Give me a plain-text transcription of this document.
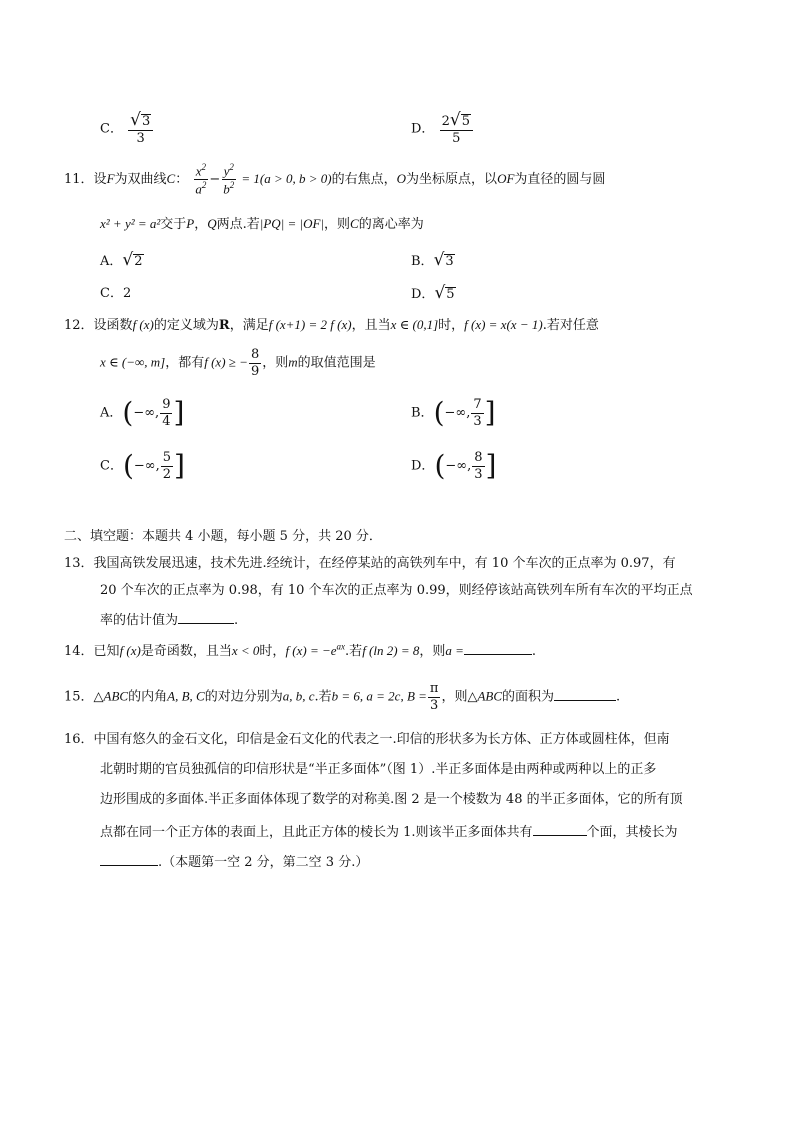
C． $\frac{√ 3}{3}$	D． $\frac{2 √ 5}{5}$
11．设F为双曲线C： $\frac{x^2}{a^2} - \frac{y^2}{b^2} = 1(a > 0$, b > 0)的右焦点，O为坐标原点，以OF为直径的圆与圆
x² + y² = a²交于P，Q两点.若|PQ| = |OF|，则C的离心率为
A． √ 2	B． √ 3
C．2	D． √ 5
12．设函数f (x)的定义域为R，满足f (x+1) = 2 f (x)，且当x ∈ (0,1]时，f (x) = x(x − 1).若对任意
x ∈ (−∞, m]，都有f (x) ≥ − $\frac{8}{9}$ ，则m的取值范围是
A．(−∞, $\frac{9}{4}$ ]	B．(−∞, $\frac{7}{3}$ ]
C．(−∞, $\frac{5}{2}$ ]	D．(−∞, $\frac{8}{3}$ ]
二、填空题：本题共 4 小题，每小题 5 分，共 20 分．
13．我国高铁发展迅速，技术先进.经统计，在经停某站的高铁列车中，有 10 个车次的正点率为 0.97，有
20 个车次的正点率为 0.98，有 10 个车次的正点率为 0.99，则经停该站高铁列车所有车次的平均正点
率的估计值为	.
14．已知f (x)是奇函数，且当x < 0时，f $(x) = -e^{ax}$.若f (ln 2) = 8，则a =	.
15．△ABC的内角A, B, C的对边分别为a, b, c.若b = 6, a = 2c, $B = \frac{\pi}{3}$ ，则△ABC的面积为	.
16．中国有悠久的金石文化，印信是金石文化的代表之一.印信的形状多为长方体、正方体或圆柱体，但南
北朝时期的官员独孤信的印信形状是“半正多面体”（图 1）.半正多面体是由两种或两种以上的正多
边形围成的多面体.半正多面体体现了数学的对称美.图 2 是一个棱数为 48 的半正多面体，它的所有顶
点都在同一个正方体的表面上，且此正方体的棱长为 1.则该半正多面体共有	个面，其棱长为
.（本题第一空 2 分，第二空 3 分.）
